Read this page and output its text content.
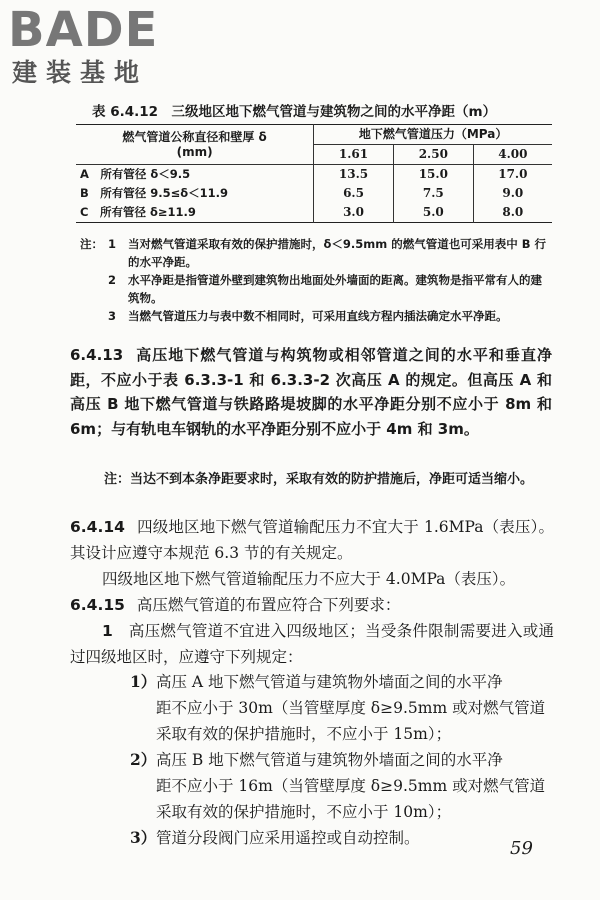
BADE
建装基地
表 6.4.12　三级地区地下燃气管道与建筑物之间的水平净距（m）
燃气管道公称直径和壁厚 δ
(mm)	地下燃气管道压力（MPa）		
	1.61	2.50	4.00
A　所有管径 δ＜9.5	13.5	15.0	17.0
B　所有管径 9.5≤δ＜11.9	6.5	7.5	9.0
C　所有管径 δ≥11.9	3.0	5.0	8.0
注： 1	当对燃气管道采取有效的保护措施时，δ＜9.5mm 的燃气管道也可采用表中 B 行的水平净距。
2	水平净距是指管道外壁到建筑物出地面处外墙面的距离。建筑物是指平常有人的建筑物。
3	当燃气管道压力与表中数不相同时，可采用直线方程内插法确定水平净距。
6.4.13 高压地下燃气管道与构筑物或相邻管道之间的水平和垂直净距，不应小于表 6.3.3-1 和 6.3.3-2 次高压 A 的规定。但高压 A 和高压 B 地下燃气管道与铁路路堤坡脚的水平净距分别不应小于 8m 和 6m；与有轨电车钢轨的水平净距分别不应小于 4m 和 3m。
注：当达不到本条净距要求时，采取有效的防护措施后，净距可适当缩小。
6.4.14 四级地区地下燃气管道输配压力不宜大于 1.6MPa（表压）。其设计应遵守本规范 6.3 节的有关规定。
四级地区地下燃气管道输配压力不应大于 4.0MPa（表压）。
6.4.15 高压燃气管道的布置应符合下列要求：
1　 高压燃气管道不宜进入四级地区；当受条件限制需要进入或通过四级地区时，应遵守下列规定：
1） 高压 A 地下燃气管道与建筑物外墙面之间的水平净
距不应小于 30m（当管壁厚度 δ≥9.5mm 或对燃气管道采取有效的保护措施时，不应小于 15m）；
2） 高压 B 地下燃气管道与建筑物外墙面之间的水平净
距不应小于 16m（当管壁厚度 δ≥9.5mm 或对燃气管道采取有效的保护措施时，不应小于 10m）；
3） 管道分段阀门应采用遥控或自动控制。	59
